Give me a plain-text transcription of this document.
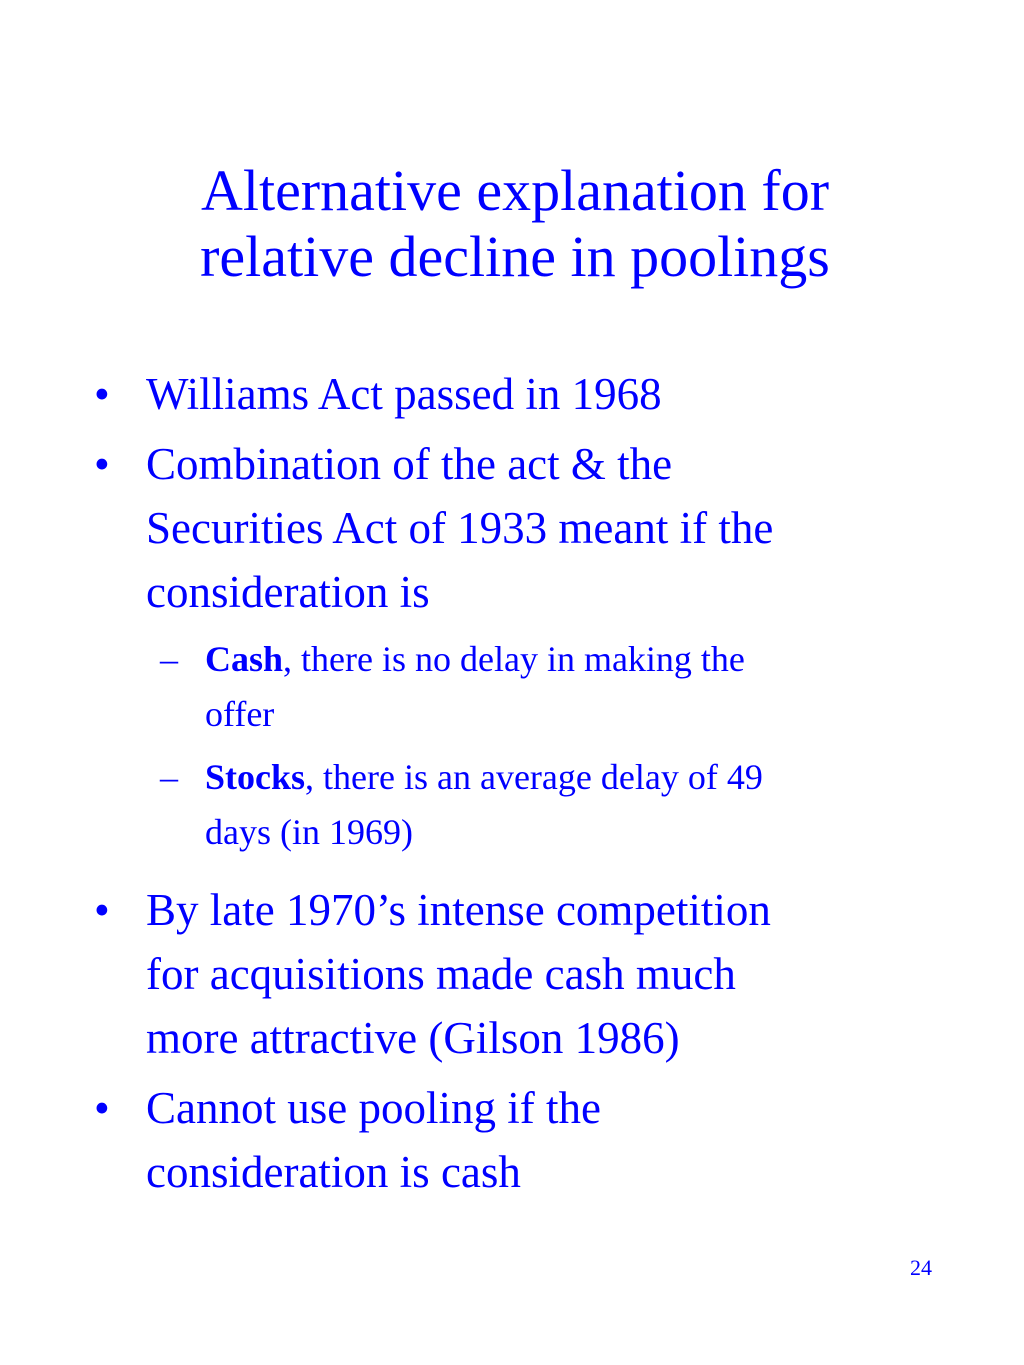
Alternative explanation for
relative decline in poolings
• Williams Act passed in 1968
• Combination of the act & the
Securities Act of 1933 meant if the
consideration is
– Cash, there is no delay in making the
offer
– Stocks, there is an average delay of 49
days (in 1969)
• By late 1970’s intense competition
for acquisitions made cash much
more attractive (Gilson 1986)
• Cannot use pooling if the
consideration is cash
24
